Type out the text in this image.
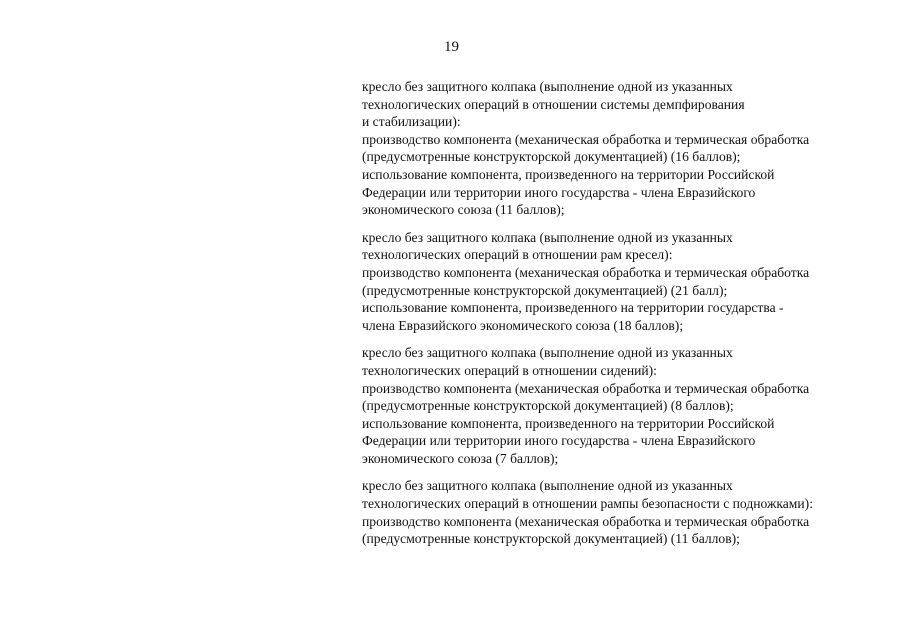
19
кресло без защитного колпака (выполнение одной из указанных
технологических операций в отношении системы демпфирования
и стабилизации):
производство компонента (механическая обработка и термическая обработка
(предусмотренные конструкторской документацией) (16 баллов);
использование компонента, произведенного на территории Российской
Федерации или территории иного государства - члена Евразийского
экономического союза (11 баллов);
кресло без защитного колпака (выполнение одной из указанных
технологических операций в отношении рам кресел):
производство компонента (механическая обработка и термическая обработка
(предусмотренные конструкторской документацией) (21 балл);
использование компонента, произведенного на территории государства -
члена Евразийского экономического союза (18 баллов);
кресло без защитного колпака (выполнение одной из указанных
технологических операций в отношении сидений):
производство компонента (механическая обработка и термическая обработка
(предусмотренные конструкторской документацией) (8 баллов);
использование компонента, произведенного на территории Российской
Федерации или территории иного государства - члена Евразийского
экономического союза (7 баллов);
кресло без защитного колпака (выполнение одной из указанных
технологических операций в отношении рампы безопасности с подножками):
производство компонента (механическая обработка и термическая обработка
(предусмотренные конструкторской документацией) (11 баллов);
